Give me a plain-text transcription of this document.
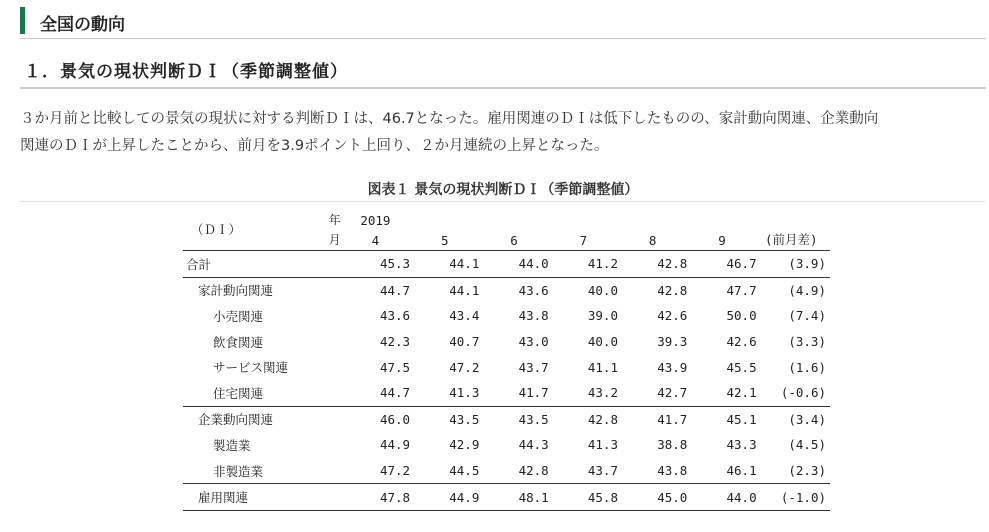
全国の動向
１．景気の現状判断ＤＩ（季節調整値）

３か月前と比較しての景気の現状に対する判断ＤＩは、46.7となった。雇用関連のＤＩは低下したものの、家計動向関連、企業動向
関連のＤＩが上昇したことから、前月を3.9ポイント上回り、２か月連続の上昇となった。

図表１ 景気の現状判断ＤＩ（季節調整値）
（ＤＩ）	年	2019						
	月	4	5	6	7	8	9	(前月差)
合計		45.3	44.1	44.0	41.2	42.8	46.7	(3.9)
家計動向関連		44.7	44.1	43.6	40.0	42.8	47.7	(4.9)
小売関連		43.6	43.4	43.8	39.0	42.6	50.0	(7.4)
飲食関連		42.3	40.7	43.0	40.0	39.3	42.6	(3.3)
サービス関連		47.5	47.2	43.7	41.1	43.9	45.5	(1.6)
住宅関連		44.7	41.3	41.7	43.2	42.7	42.1	(-0.6)
企業動向関連		46.0	43.5	43.5	42.8	41.7	45.1	(3.4)
製造業		44.9	42.9	44.3	41.3	38.8	43.3	(4.5)
非製造業		47.2	44.5	42.8	43.7	43.8	46.1	(2.3)
雇用関連		47.8	44.9	48.1	45.8	45.0	44.0	(-1.0)
